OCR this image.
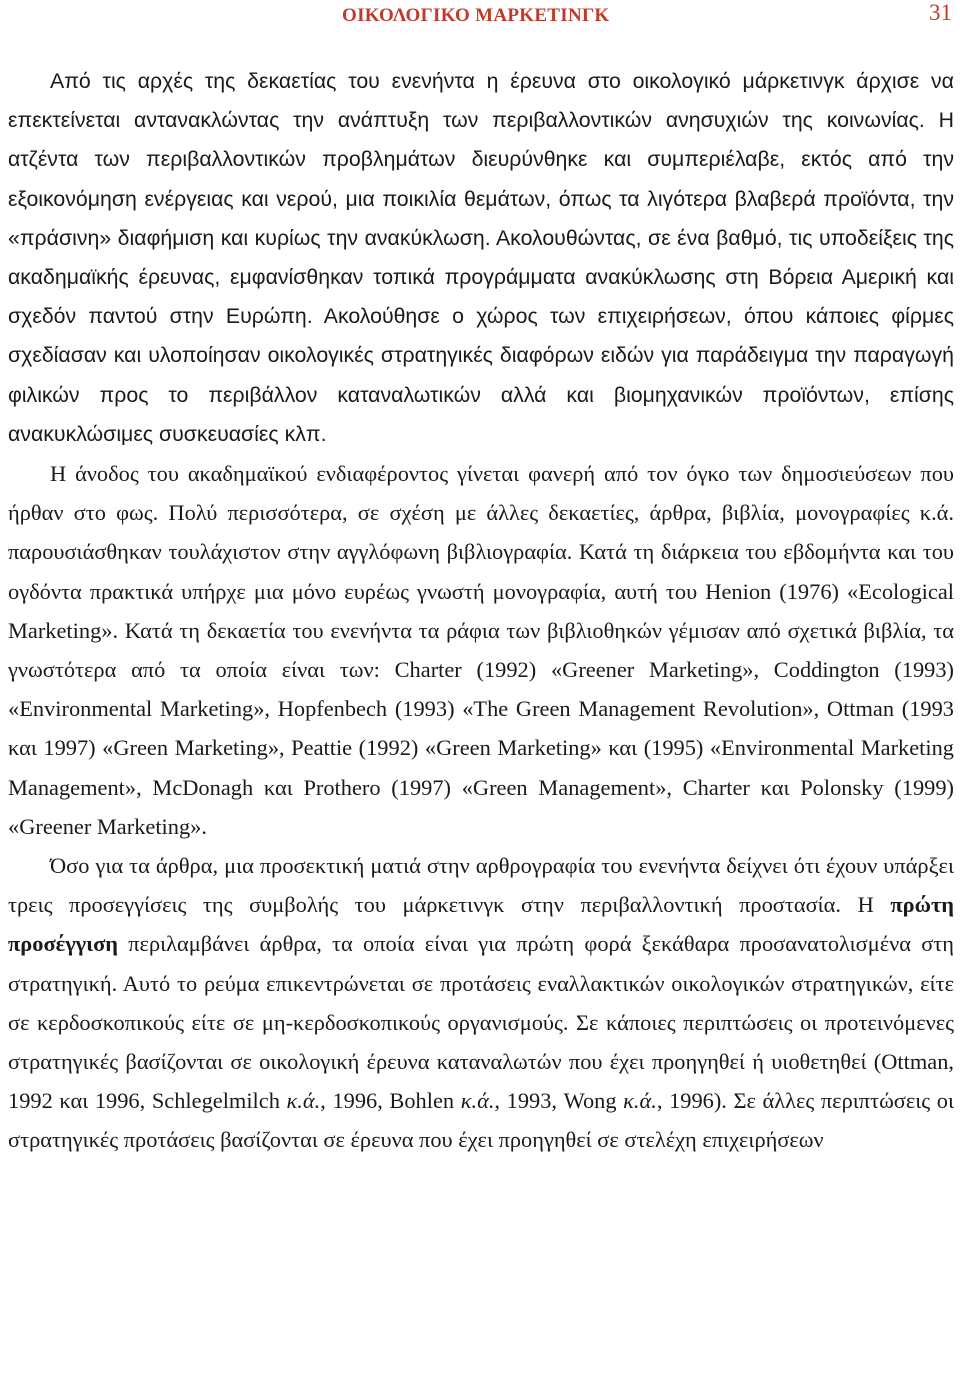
ΟΙΚΟΛΟΓΙΚΟ ΜΑΡΚΕΤΙΝΓΚ	31

Από τις αρχές της δεκαετίας του ενενήντα η έρευνα στο οικολογικό μάρκετινγκ άρχισε να επεκτείνεται αντανακλώντας την ανάπτυξη των περιβαλλοντικών ανησυχιών της κοινωνίας. Η ατζέντα των περιβαλλοντικών προβλημάτων διευρύνθηκε και συμπεριέλαβε, εκτός από την εξοικονόμηση ενέργειας και νερού, μια ποικιλία θεμάτων, όπως τα λιγότερα βλαβερά προϊόντα, την «πράσινη» διαφήμιση και κυρίως την ανακύκλωση. Ακολουθώντας, σε ένα βαθμό, τις υποδείξεις της ακαδημαϊκής έρευνας, εμφανίσθηκαν τοπικά προγράμματα ανακύκλωσης στη Βόρεια Αμερική και σχεδόν παντού στην Ευρώπη. Ακολούθησε ο χώρος των επιχειρήσεων, όπου κάποιες φίρμες σχεδίασαν και υλοποίησαν οικολογικές στρατηγικές διαφόρων ειδών για παράδειγμα την παραγωγή φιλικών προς το περιβάλλον καταναλωτικών αλλά και βιομηχανικών προϊόντων, επίσης ανακυκλώσιμες συσκευασίες κλπ.

Η άνοδος του ακαδημαϊκού ενδιαφέροντος γίνεται φανερή από τον όγκο των δημοσιεύσεων που ήρθαν στο φως. Πολύ περισσότερα, σε σχέση με άλλες δεκαετίες, άρθρα, βιβλία, μονογραφίες κ.ά. παρουσιάσθηκαν τουλάχιστον στην αγγλόφωνη βιβλιογραφία. Κατά τη διάρκεια του εβδομήντα και του ογδόντα πρακτικά υπήρχε μια μόνο ευρέως γνωστή μονογραφία, αυτή του Henion (1976) «Ecological Marketing». Κατά τη δεκαετία του ενενήντα τα ράφια των βιβλιοθηκών γέμισαν από σχετικά βιβλία, τα γνωστότερα από τα οποία είναι των: Charter (1992) «Greener Marketing», Coddington (1993) «Environmental Marketing», Hopfenbech (1993) «The Green Management Revolution», Ottman (1993 και 1997) «Green Marketing», Peattie (1992) «Green Marketing» και (1995) «Environmental Marketing Management», McDonagh και Prothero (1997) «Green Management», Charter και Polonsky (1999) «Greener Marketing».

Όσο για τα άρθρα, μια προσεκτική ματιά στην αρθρογραφία του ενενήντα δείχνει ότι έχουν υπάρξει τρεις προσεγγίσεις της συμβολής του μάρκετινγκ στην περιβαλλοντική προστασία. Η πρώτη προσέγγιση περιλαμβάνει άρθρα, τα οποία είναι για πρώτη φορά ξεκάθαρα προσανατολισμένα στη στρατηγική. Αυτό το ρεύμα επικεντρώνεται σε προτάσεις εναλλακτικών οικολογικών στρατηγικών, είτε σε κερδοσκοπικούς είτε σε μη-κερδοσκοπικούς οργανισμούς. Σε κάποιες περιπτώσεις οι προτεινόμενες στρατηγικές βασίζονται σε οικολογική έρευνα καταναλωτών που έχει προηγηθεί ή υιοθετηθεί (Ottman, 1992 και 1996, Schlegelmilch κ.ά., 1996, Bohlen κ.ά., 1993, Wong κ.ά., 1996). Σε άλλες περιπτώσεις οι στρατηγικές προτάσεις βασίζονται σε έρευνα που έχει προηγηθεί σε στελέχη επιχειρήσεων
